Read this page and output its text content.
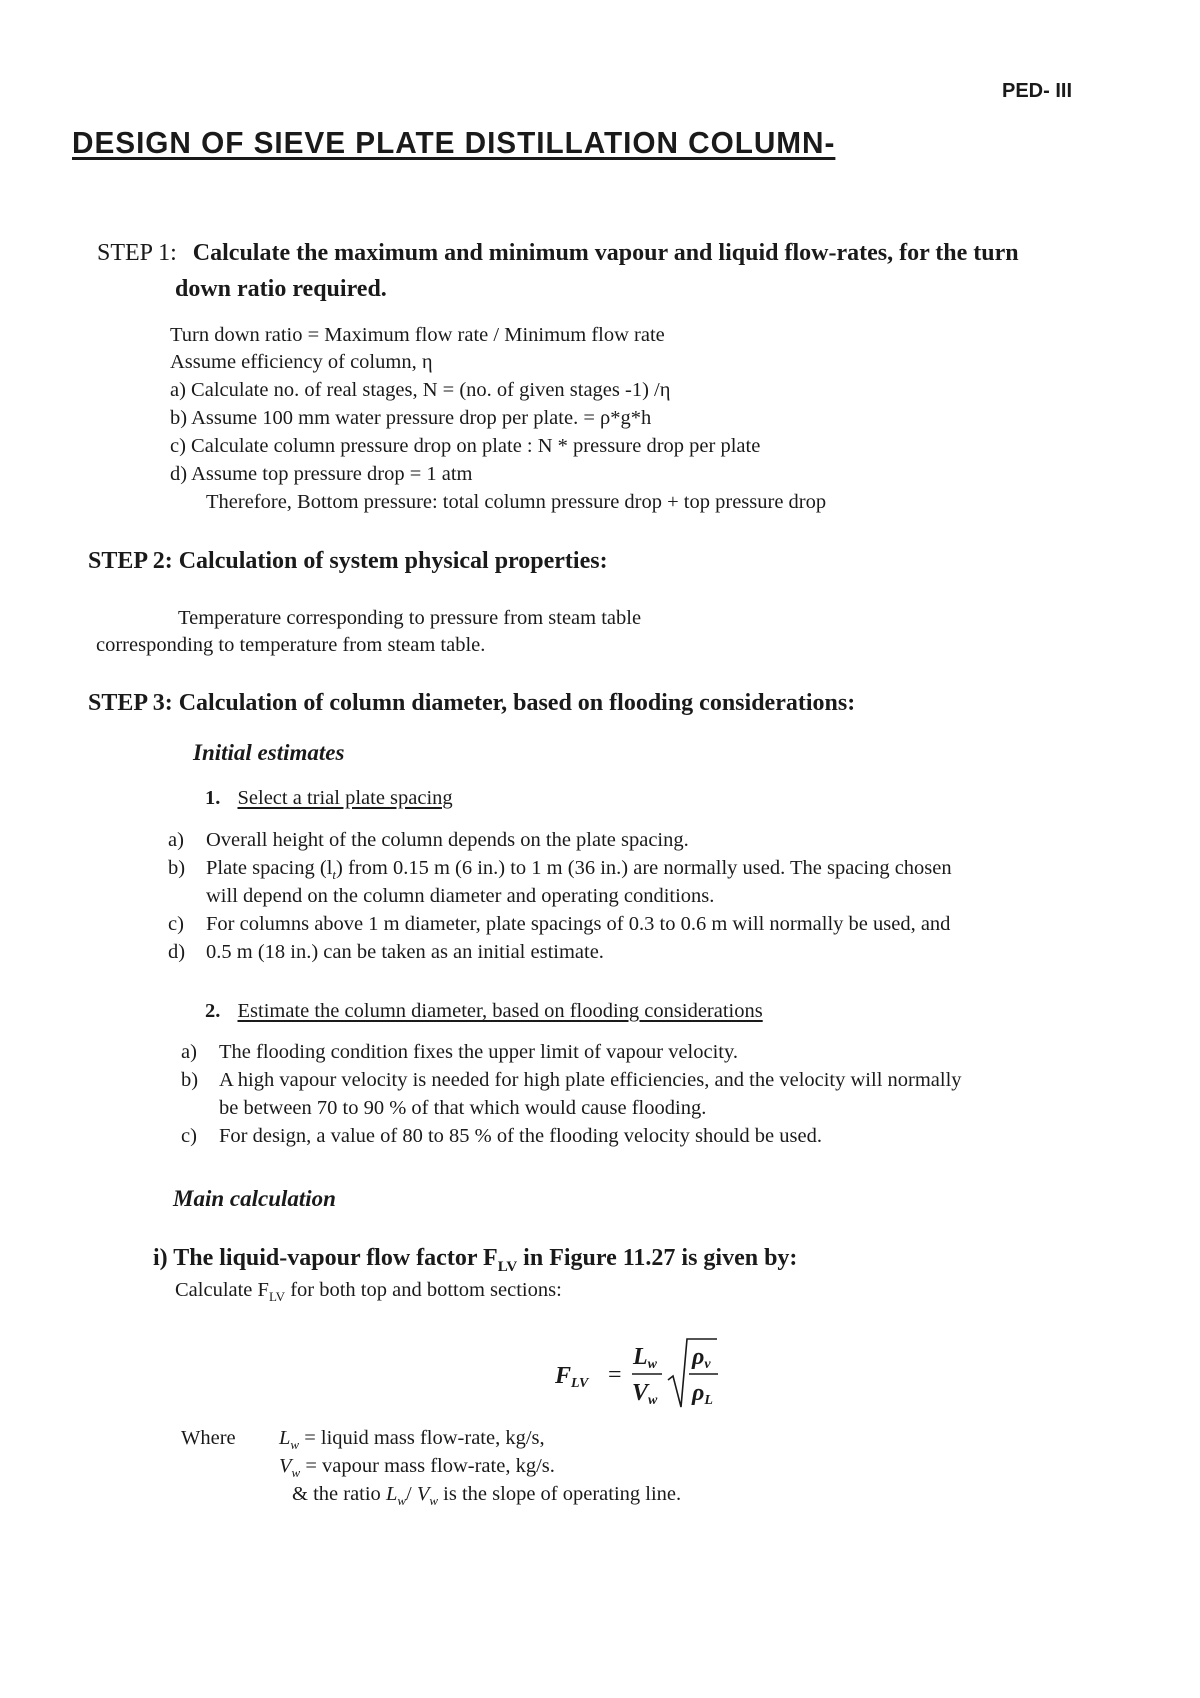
PED- III
DESIGN OF SIEVE PLATE DISTILLATION COLUMN-
STEP 1: Calculate the maximum and minimum vapour and liquid flow-rates, for the turn
down ratio required.
Turn down ratio = Maximum flow rate / Minimum flow rate
Assume efficiency of column, η
a) Calculate no. of real stages, N = (no. of given stages -1) /η
b) Assume 100 mm water pressure drop per plate. = ρ*g*h
c) Calculate column pressure drop on plate : N * pressure drop per plate
d) Assume top pressure drop = 1 atm
Therefore, Bottom pressure: total column pressure drop + top pressure drop
STEP 2: Calculation of system physical properties:
Temperature corresponding to pressure from steam table
corresponding to temperature from steam table.
STEP 3: Calculation of column diameter, based on flooding considerations:
Initial estimates
1. Select a trial plate spacing
a) Overall height of the column depends on the plate spacing.
b) Plate spacing $(l_t)$ from 0.15 m (6 in.) to 1 m (36 in.) are normally used. The spacing chosen
will depend on the column diameter and operating conditions.
c) For columns above 1 m diameter, plate spacings of 0.3 to 0.6 m will normally be used, and
d) 0.5 m (18 in.) can be taken as an initial estimate.
2. Estimate the column diameter, based on flooding considerations
a) The flooding condition fixes the upper limit of vapour velocity.
b) A high vapour velocity is needed for high plate efficiencies, and the velocity will normally
be between 70 to 90 % of that which would cause flooding.
c) For design, a value of 80 to 85 % of the flooding velocity should be used.
Main calculation
i) The liquid-vapour flow factor $F_{LV}$ in Figure 11.27 is given by:
Calculate $F_{LV}$ for both top and bottom sections:
FLV =
Lw
Vw
ρv
ρL
Where $L_w$ = liquid mass flow-rate, kg/s,
$V_w$ = vapour mass flow-rate, kg/s.
& the ratio $L_w/$ $V_w$ is the slope of operating line.
